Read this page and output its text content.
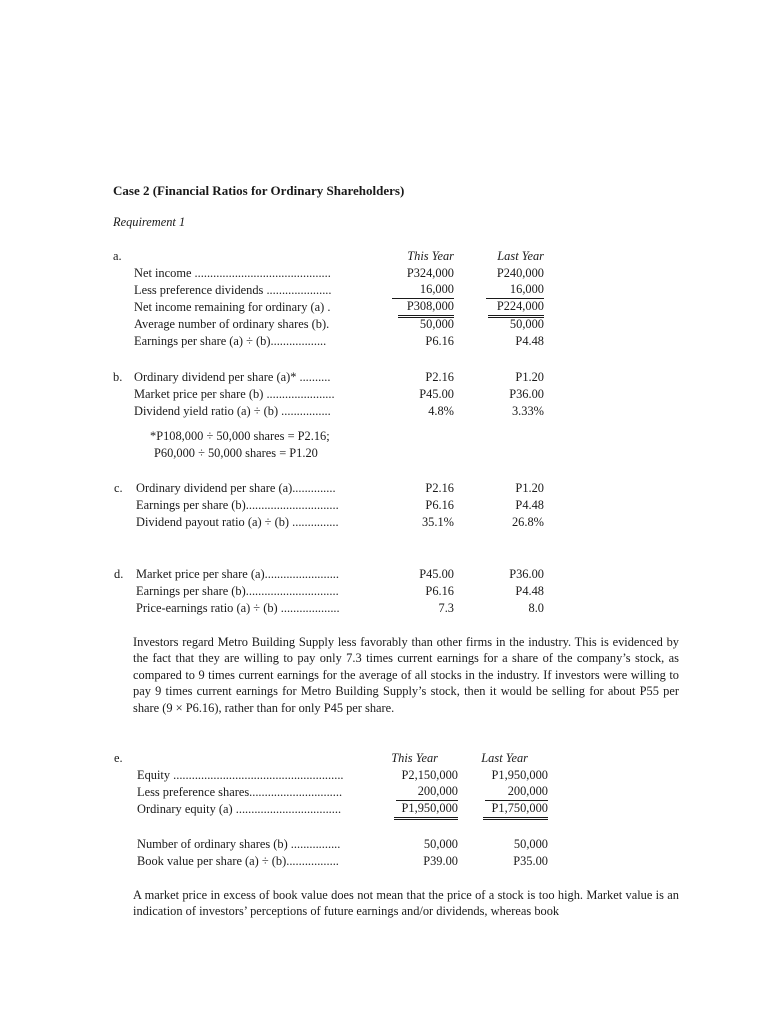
Case 2 (Financial Ratios for Ordinary Shareholders)
Requirement 1
a.	This Year	Last Year
Net income ............................................	P324,000	P240,000
Less preference dividends .....................	16,000	16,000
Net income remaining for ordinary (a) .	P308,000	P224,000
Average number of ordinary shares (b).	50,000	50,000
Earnings per share (a) ÷ (b)..................	P6.16	P4.48
b. Ordinary dividend per share (a)* ..........	P2.16	P1.20
Market price per share (b) ......................	P45.00	P36.00
Dividend yield ratio (a) ÷ (b) ................	4.8%	3.33%
*P108,000 ÷ 50,000 shares = P2.16;
P60,000 ÷ 50,000 shares = P1.20
c.	Ordinary dividend per share (a)..............	P2.16	P1.20
Earnings per share (b)..............................	P6.16	P4.48
Dividend payout ratio (a) ÷ (b) ...............	35.1%	26.8%
d.	Market price per share (a)........................	P45.00	P36.00
Earnings per share (b)..............................	P6.16	P4.48
Price-earnings ratio (a) ÷ (b) ...................	7.3	8.0
Investors regard Metro Building Supply less favorably than other firms in the industry. This is evidenced by the fact that they are willing to pay only 7.3 times current earnings for a share of the company’s stock, as compared to 9 times current earnings for the average of all stocks in the industry. If investors were willing to pay 9 times current earnings for Metro Building Supply’s stock, then it would be selling for about P55 per share (9 × P6.16), rather than for only P45 per share.
e.	This Year	Last Year
Equity .......................................................	P2,150,000	P1,950,000
Less preference shares..............................	200,000	200,000
Ordinary equity (a) ..................................	P1,950,000	P1,750,000
Number of ordinary shares (b) ................	50,000	50,000
Book value per share (a) ÷ (b).................	P39.00	P35.00
A market price in excess of book value does not mean that the price of a stock is too high. Market value is an indication of investors’ perceptions of future earnings and/or dividends, whereas book
